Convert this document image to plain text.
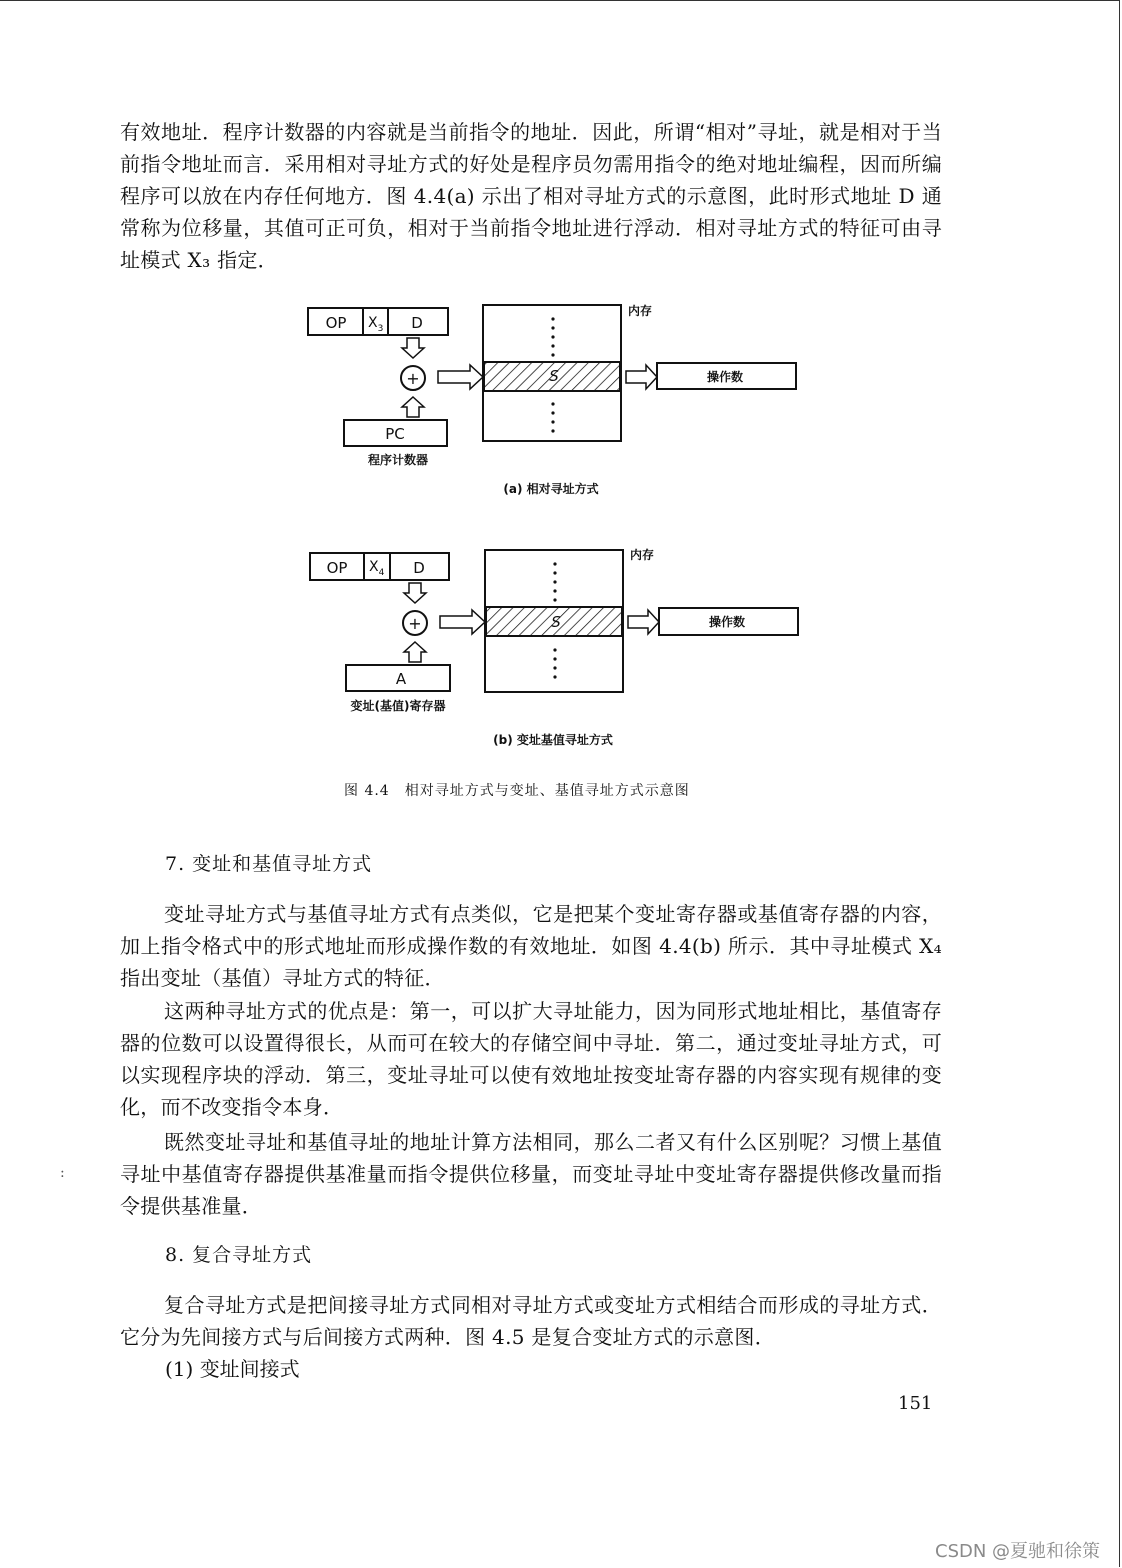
有效地址．程序计数器的内容就是当前指令的地址．因此，所谓“相对”寻址，就是相对于当前指令地址而言．采用相对寻址方式的好处是程序员勿需用指令的绝对地址编程，因而所编程序可以放在内存任何地方．图 4.4(a) 示出了相对寻址方式的示意图，此时形式地址 D 通常称为位移量，其值可正可负，相对于当前指令地址进行浮动．相对寻址方式的特征可由寻址模式 X₃ 指定．

OP $X_3$ D
+
PC
程序计数器
S
内存
操作数
(a) 相对寻址方式
OP $X_4$ D
+
A
变址(基值)寄存器
S
内存
操作数
(b) 变址基值寻址方式
图 4.4　相对寻址方式与变址、基值寻址方式示意图

7. 变址和基值寻址方式

变址寻址方式与基值寻址方式有点类似，它是把某个变址寄存器或基值寄存器的内容，加上指令格式中的形式地址而形成操作数的有效地址．如图 4.4(b) 所示．其中寻址模式 X₄ 指出变址（基值）寻址方式的特征．

这两种寻址方式的优点是：第一，可以扩大寻址能力，因为同形式地址相比，基值寄存器的位数可以设置得很长，从而可在较大的存储空间中寻址．第二，通过变址寻址方式，可以实现程序块的浮动．第三，变址寻址可以使有效地址按变址寄存器的内容实现有规律的变化，而不改变指令本身．

既然变址寻址和基值寻址的地址计算方法相同，那么二者又有什么区别呢？习惯上基值寻址中基值寄存器提供基准量而指令提供位移量，而变址寻址中变址寄存器提供修改量而指令提供基准量．

:

8. 复合寻址方式

复合寻址方式是把间接寻址方式同相对寻址方式或变址方式相结合而形成的寻址方式．它分为先间接方式与后间接方式两种．图 4.5 是复合变址方式的示意图．

(1) 变址间接式

151
CSDN @夏驰和徐策
